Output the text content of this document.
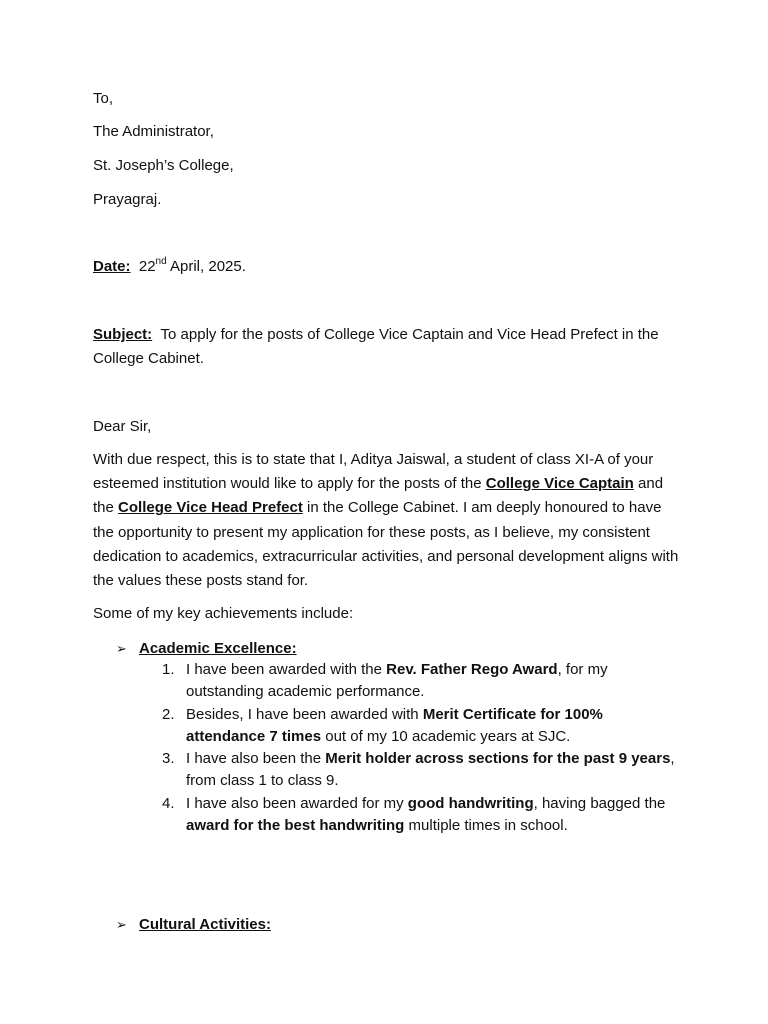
To,
The Administrator,
St. Joseph’s College,
Prayagraj.
Date: 22nd April, 2025.
Subject: To apply for the posts of College Vice Captain and Vice Head Prefect in the College Cabinet.
Dear Sir,
With due respect, this is to state that I, Aditya Jaiswal, a student of class XI-A of your esteemed institution would like to apply for the posts of the College Vice Captain and the College Vice Head Prefect in the College Cabinet. I am deeply honoured to have the opportunity to present my application for these posts, as I believe, my consistent dedication to academics, extracurricular activities, and personal development aligns with the values these posts stand for.
Some of my key achievements include:
➢ Academic Excellence:
1. I have been awarded with the Rev. Father Rego Award, for my outstanding academic performance.
2. Besides, I have been awarded with Merit Certificate for 100% attendance 7 times out of my 10 academic years at SJC.
3. I have also been the Merit holder across sections for the past 9 years, from class 1 to class 9.
4. I have also been awarded for my good handwriting, having bagged the award for the best handwriting multiple times in school.
➢ Cultural Activities:
